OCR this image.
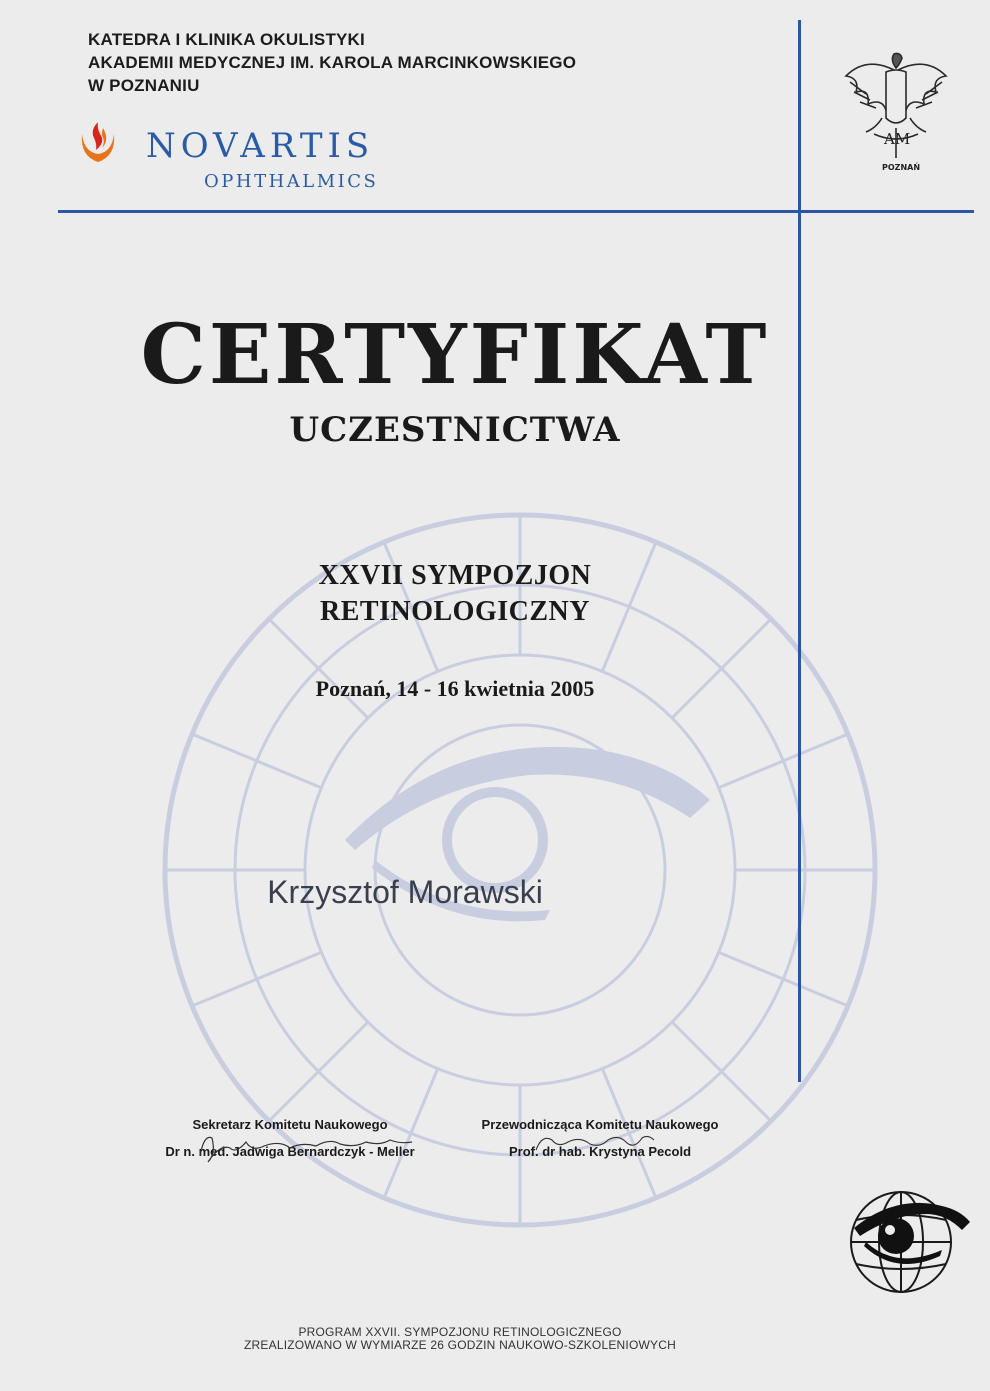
KATEDRA I KLINIKA OKULISTYKI
AKADEMII MEDYCZNEJ IM. KAROLA MARCINKOWSKIEGO
W POZNANIU
NOVARTIS
OPHTHALMICS
AM
POZNAŃ
CERTYFIKAT
UCZESTNICTWA
XXVII SYMPOZJON
RETINOLOGICZNY
Poznań, 14 - 16 kwietnia 2005
Krzysztof Morawski
Sekretarz Komitetu Naukowego
Dr n. med. Jadwiga Bernardczyk - Meller
Przewodnicząca Komitetu Naukowego
Prof. dr hab. Krystyna Pecold
PROGRAM XXVII. SYMPOZJONU RETINOLOGICZNEGO
ZREALIZOWANO W WYMIARZE 26 GODZIN NAUKOWO-SZKOLENIOWYCH
